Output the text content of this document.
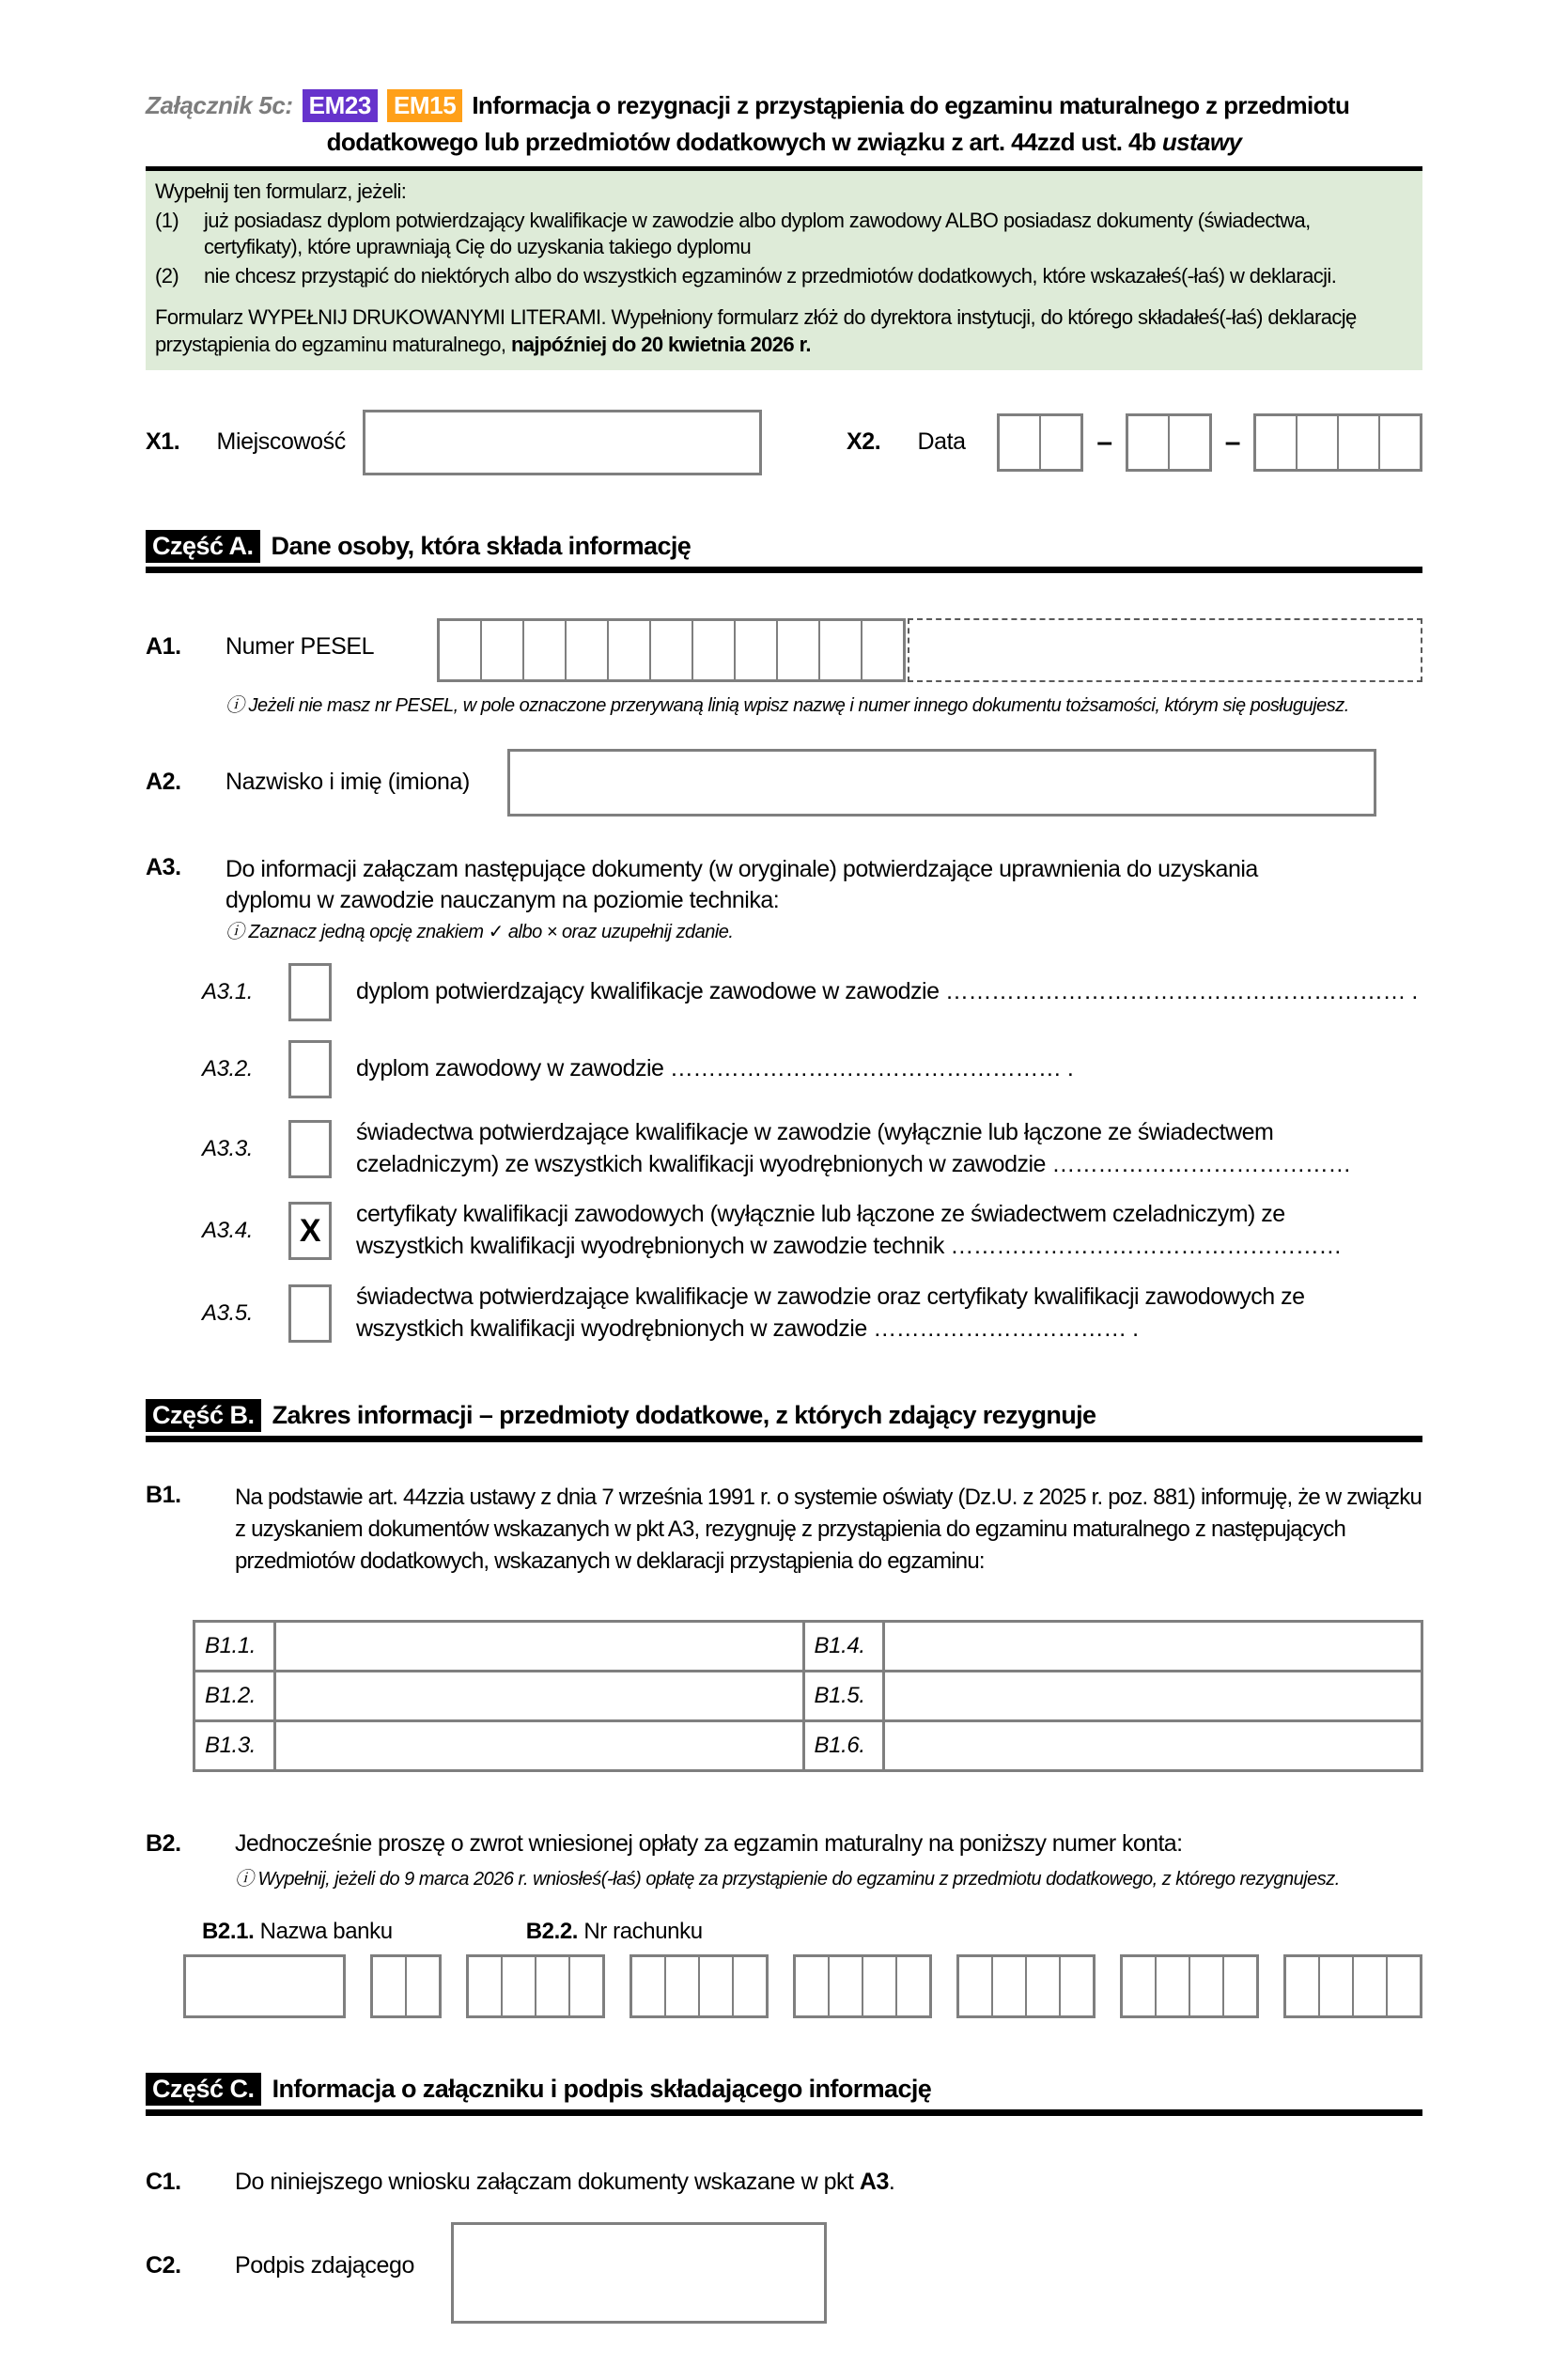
Załącznik 5c: EM23 EM15 Informacja o rezygnacji z przystąpienia do egzaminu maturalnego z przedmiotu
dodatkowego lub przedmiotów dodatkowych w związku z art. 44zzd ust. 4b ustawy
Wypełnij ten formularz, jeżeli:
(1)	już posiadasz dyplom potwierdzający kwalifikacje w zawodzie albo dyplom zawodowy ALBO posiadasz dokumenty (świadectwa, certyfikaty), które uprawniają Cię do uzyskania takiego dyplomu
(2)	nie chcesz przystąpić do niektórych albo do wszystkich egzaminów z przedmiotów dodatkowych, które wskazałeś(-łaś) w deklaracji.
Formularz WYPEŁNIJ DRUKOWANYMI LITERAMI. Wypełniony formularz złóż do dyrektora instytucji, do którego składałeś(-łaś) deklarację przystąpienia do egzaminu maturalnego, najpóźniej do 20 kwietnia 2026 r.
X1.	Miejscowość	X2.	Data	–	–
Część A. Dane osoby, która składa informację
A1.	Numer PESEL
ⓘ Jeżeli nie masz nr PESEL, w pole oznaczone przerywaną linią wpisz nazwę i numer innego dokumentu tożsamości, którym się posługujesz.
A2.	Nazwisko i imię (imiona)
A3.	Do informacji załączam następujące dokumenty (w oryginale) potwierdzające uprawnienia do uzyskania dyplomu w zawodzie nauczanym na poziomie technika:
ⓘ Zaznacz jedną opcję znakiem ✓ albo × oraz uzupełnij zdanie.
A3.1.	dyplom potwierdzający kwalifikacje zawodowe w zawodzie …………………………………………………… .
A3.2.	dyplom zawodowy w zawodzie …………………………………………… .
A3.3.
świadectwa potwierdzające kwalifikacje w zawodzie (wyłącznie lub łączone ze świadectwem
czeladniczym) ze wszystkich kwalifikacji wyodrębnionych w zawodzie …………………………………
A3.4.	X	certyfikaty kwalifikacji zawodowych (wyłącznie lub łączone ze świadectwem czeladniczym) ze
wszystkich kwalifikacji wyodrębnionych w zawodzie technik ……………………………………………
A3.5.
świadectwa potwierdzające kwalifikacje w zawodzie oraz certyfikaty kwalifikacji zawodowych ze
wszystkich kwalifikacji wyodrębnionych w zawodzie …………………………… .
Część B. Zakres informacji – przedmioty dodatkowe, z których zdający rezygnuje
B1.	Na podstawie art. 44zzia ustawy z dnia 7 września 1991 r. o systemie oświaty (Dz.U. z 2025 r. poz. 881) informuję, że w związku z uzyskaniem dokumentów wskazanych w pkt A3, rezygnuję z przystąpienia do egzaminu maturalnego z następujących przedmiotów dodatkowych, wskazanych w deklaracji przystąpienia do egzaminu:
B1.1.		B1.4.	
B1.2.		B1.5.	
B1.3.		B1.6.	
B2.	Jednocześnie proszę o zwrot wniesionej opłaty za egzamin maturalny na poniższy numer konta:
ⓘ Wypełnij, jeżeli do 9 marca 2026 r. wniosłeś(-łaś) opłatę za przystąpienie do egzaminu z przedmiotu dodatkowego, z którego rezygnujesz.
B2.1. Nazwa banku	B2.2. Nr rachunku
Część C. Informacja o załączniku i podpis składającego informację
C1.	Do niniejszego wniosku załączam dokumenty wskazane w pkt A3.
C2.	Podpis zdającego
